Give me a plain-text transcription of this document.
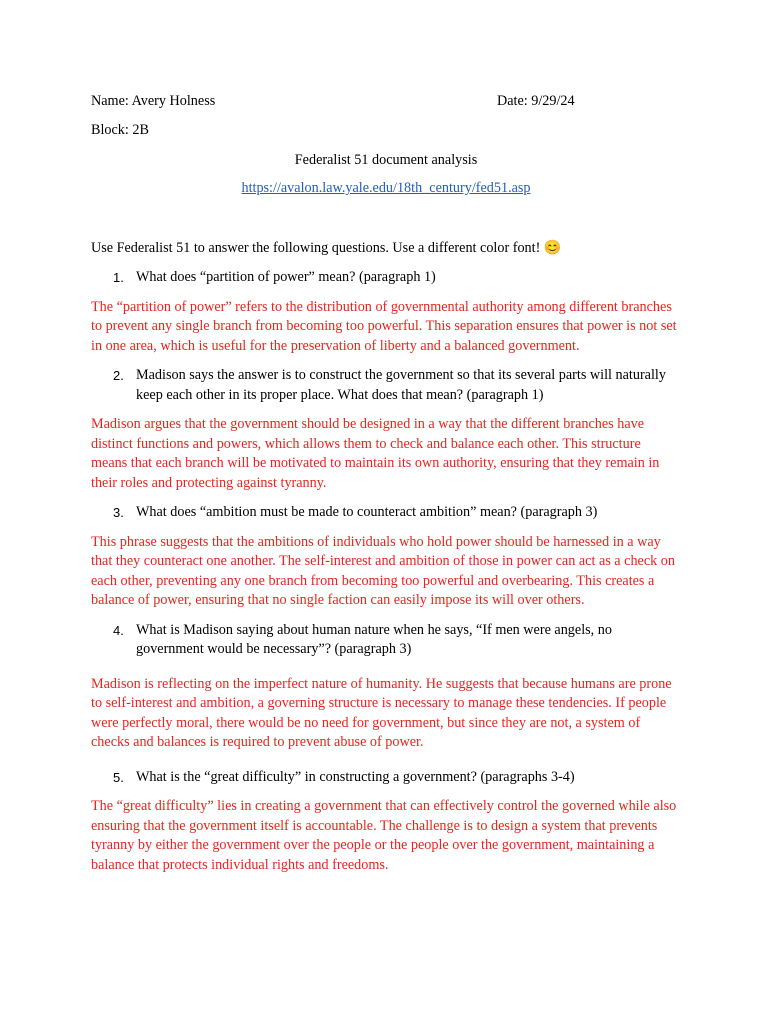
Name: Avery Holness	Date: 9/29/24
Block: 2B
Federalist 51 document analysis
https://avalon.law.yale.edu/18th_century/fed51.asp
Use Federalist 51 to answer the following questions. Use a different color font! 😊
1. What does “partition of power” mean? (paragraph 1)
The “partition of power” refers to the distribution of governmental authority among different branches to prevent any single branch from becoming too powerful. This separation ensures that power is not set in one area, which is useful for the preservation of liberty and a balanced government.
2. Madison says the answer is to construct the government so that its several parts will naturally keep each other in its proper place. What does that mean? (paragraph 1)
Madison argues that the government should be designed in a way that the different branches have distinct functions and powers, which allows them to check and balance each other. This structure means that each branch will be motivated to maintain its own authority, ensuring that they remain in their roles and protecting against tyranny.
3. What does “ambition must be made to counteract ambition” mean? (paragraph 3)
This phrase suggests that the ambitions of individuals who hold power should be harnessed in a way that they counteract one another. The self-interest and ambition of those in power can act as a check on each other, preventing any one branch from becoming too powerful and overbearing. This creates a balance of power, ensuring that no single faction can easily impose its will over others.
4. What is Madison saying about human nature when he says, “If men were angels, no government would be necessary”? (paragraph 3)
Madison is reflecting on the imperfect nature of humanity. He suggests that because humans are prone to self-interest and ambition, a governing structure is necessary to manage these tendencies. If people were perfectly moral, there would be no need for government, but since they are not, a system of checks and balances is required to prevent abuse of power.
5. What is the “great difficulty” in constructing a government? (paragraphs 3-4)
The “great difficulty” lies in creating a government that can effectively control the governed while also ensuring that the government itself is accountable. The challenge is to design a system that prevents tyranny by either the government over the people or the people over the government, maintaining a balance that protects individual rights and freedoms.
